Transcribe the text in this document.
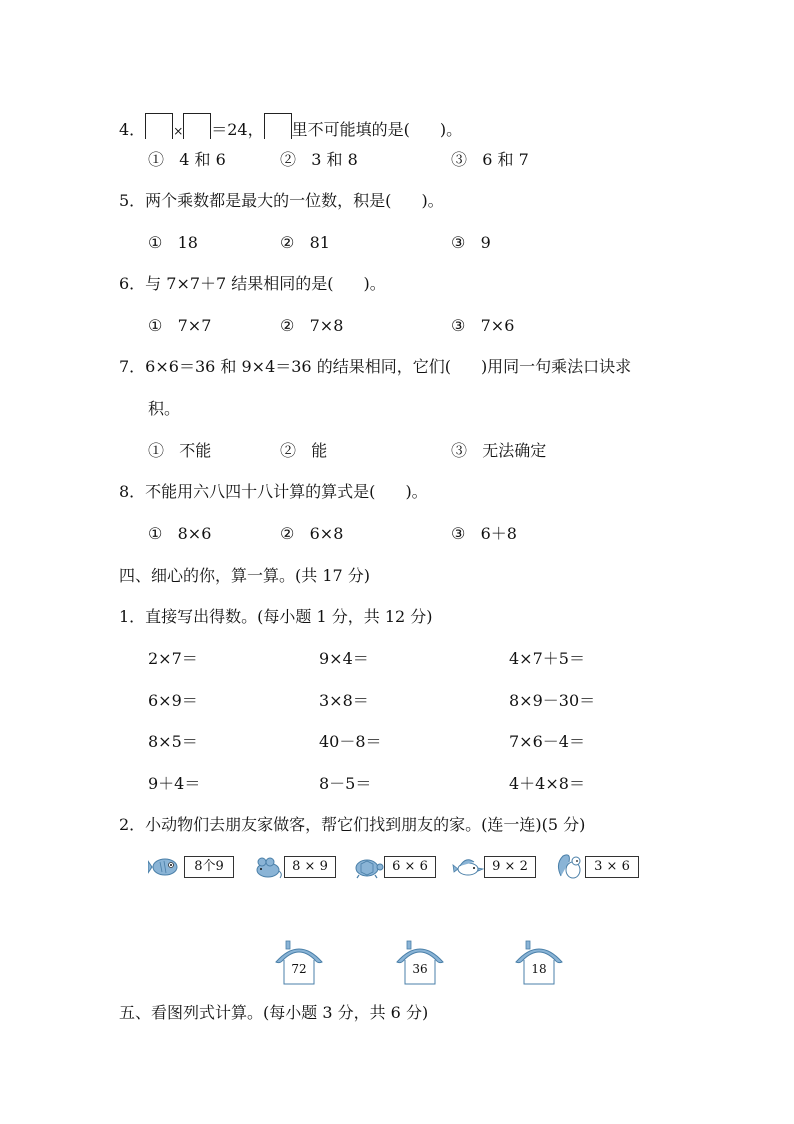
4． × ＝24， 里不可能填的是( )。
① 4 和 6	② 3 和 8	③ 6 和 7
5．两个乘数都是最大的一位数，积是( )。
① 18	② 81	③ 9
6．与 7×7＋7 结果相同的是( )。
① 7×7	② 7×8	③ 7×6
7．6×6＝36 和 9×4＝36 的结果相同，它们( )用同一句乘法口诀求
积。
① 不能	② 能	③ 无法确定
8．不能用六八四十八计算的算式是( )。
① 8×6	② 6×8	③ 6＋8
四、细心的你，算一算。(共 17 分)
1．直接写出得数。(每小题 1 分，共 12 分)
2×7＝	9×4＝	4×7＋5＝
6×9＝	3×8＝	8×9－30＝
8×5＝	40－8＝	7×6－4＝
9＋4＝	8－5＝	4＋4×8＝
2．小动物们去朋友家做客，帮它们找到朋友的家。(连一连)(5 分)
8个9	8 × 9	6 × 6	9 × 2	3 × 6
72	36	18
五、看图列式计算。(每小题 3 分，共 6 分)
